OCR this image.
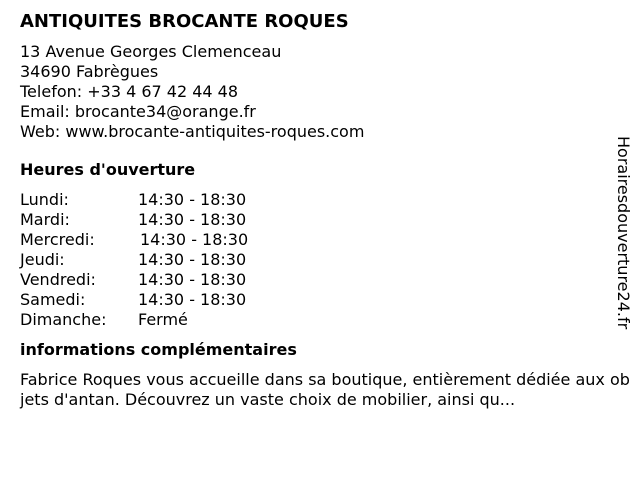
ANTIQUITES BROCANTE ROQUES
13 Avenue Georges Clemenceau
34690 Fabrègues
Telefon: +33 4 67 42 44 48
Email: brocante34@orange.fr
Web: www.brocante-antiquites-roques.com
Heures d'ouverture
Lundi:	14:30 - 18:30
Mardi:	14:30 - 18:30
Mercredi:	14:30 - 18:30
Jeudi:	14:30 - 18:30
Vendredi:	14:30 - 18:30
Samedi:	14:30 - 18:30
Dimanche:	Fermé
informations complémentaires
Fabrice Roques vous accueille dans sa boutique, entièrement dédiée aux objets d'antan. Découvrez un vaste choix de mobilier, ainsi qu...
Horairesdouverture24.fr
